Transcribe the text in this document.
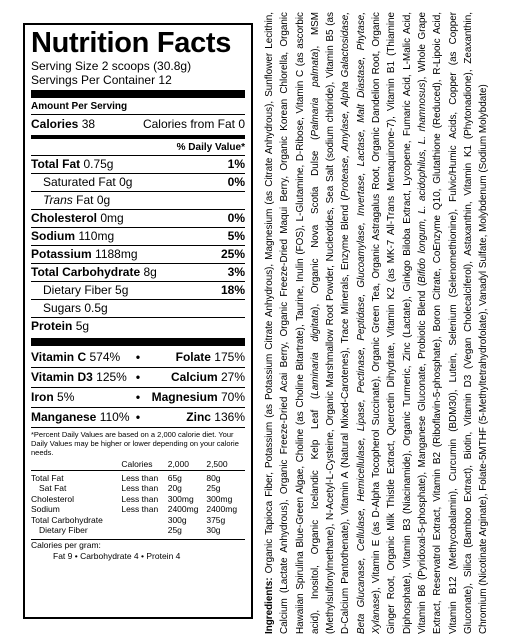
Nutrition Facts
Serving Size 2 scoops (30.8g)
Servings Per Container 12
Amount Per Serving
Calories 38	Calories from Fat 0
% Daily Value*
Total Fat 0.75g	1%
Saturated Fat 0g	0%
Trans Fat 0g
Cholesterol 0mg	0%
Sodium 110mg	5%
Potassium 1188mg	25%
Total Carbohydrate 8g	3%
Dietary Fiber 5g	18%
Sugars 0.5g
Protein 5g
Vitamin C 574%	•	Folate 175%
Vitamin D3 125% •	Calcium 27%
Iron 5%	• Magnesium 70%
Manganese 110% •	Zinc 136%
*Percent Daily Values are based on a 2,000 calorie diet. Your Daily Values may be higher or lower depending on your calorie needs.
	Calories	2,000	2,500

Total Fat	Less than	65g	80g
Sat Fat	Less than	20g	25g
Cholesterol	Less than	300mg	300mg
Sodium	Less than	2400mg	2400mg
Total Carbohydrate		300g	375g
Dietary Fiber		25g	30g
Calories per gram:
Fat 9 • Carbohydrate 4 • Protein 4
Ingredients: Organic Tapioca Fiber, Potassium (as Potassium Citrate Anhydrous), Magnesium (as Citrate Anhydrous), Sunflower Lecithin, Calcium (Lactate Anhydrous), Organic Freeze-Dried Acai Berry, Organic Freeze-Dried Maqui Berry, Organic Korean Chlorella, Organic Hawaiian Spirulina Blue-Green Algae, Choline (as Choline Bitartrate), Taurine, Inulin (FOS), L-Glutamine, D-Ribose, Vitamin C (as ascorbic acid), Inositol, Organic Icelandic Kelp Leaf (Laminaria digitata), Organic Nova Scotia Dulse (Palmaria palmata), MSM (Methylsulfonylmethane), N-Acetyl-L-Cysteine, Organic Marshmallow Root Powder, Nucleotides, Sea Salt (sodium chloride), Vitamin B5 (as D-Calcium Pantothenate), Vitamin A (Natural Mixed-Carotenes), Trace Minerals, Enzyme Blend (Protease, Amylase, Alpha Galactosidase, Beta Glucanase, Cellulase, Hemicellulase, Lipase, Pectinase, Peptidase, Glucoamylase, Invertase, Lactase, Malt Diastase, Phytase, Xylanase), Vitamin E (as D-Alpha Tocopherol Succinate), Organic Green Tea, Organic Astragalus Root, Organic Dandelion Root, Organic Ginger Root, Organic Milk Thistle Extract, Quercetin Dihydrate, Vitamin K2 (as MK-7 All-Trans Menaquinone-7), Vitamin B1 (Thiamine Diphosphate), Vitamin B3 (Niacinamide), Organic Turmeric, Zinc (Lactate), Ginkgo Biloba Extract, Lycopene, Fumaric Acid, L-Malic Acid, Vitamin B6 (Pyridoxal-5-phosphate), Manganese Gluconate, Probiotic Blend (Bifido longum, L. acidophilus, L. rhamnosus), Whole Grape Extract, Reservatrol Extract, Vitamin B2 (Riboflavin-5-phosphate), Boron Citrate, CoEnzyme Q10, Glutathione (Reduced), R-Lipoic Acid, Vitamin B12 (Methycobalamin), Curcumin (BDM30), Lutein, Selenium (Selenomethionine), Fulvic/Humic Acids, Copper (as Copper Gluconate), Silica (Bamboo Extract), Biotin, Vitamin D3 (Vegan Cholecalciferol), Astaxanthin, Vitamin K1 (Phytonadione), Zeaxanthin, Chromium (Nicotinate Arginate), Folate-5MTHF (5-Methyltetrahydrofolate), Vanadyl Sulfate, Molybdenum (Sodium Molybdate)
